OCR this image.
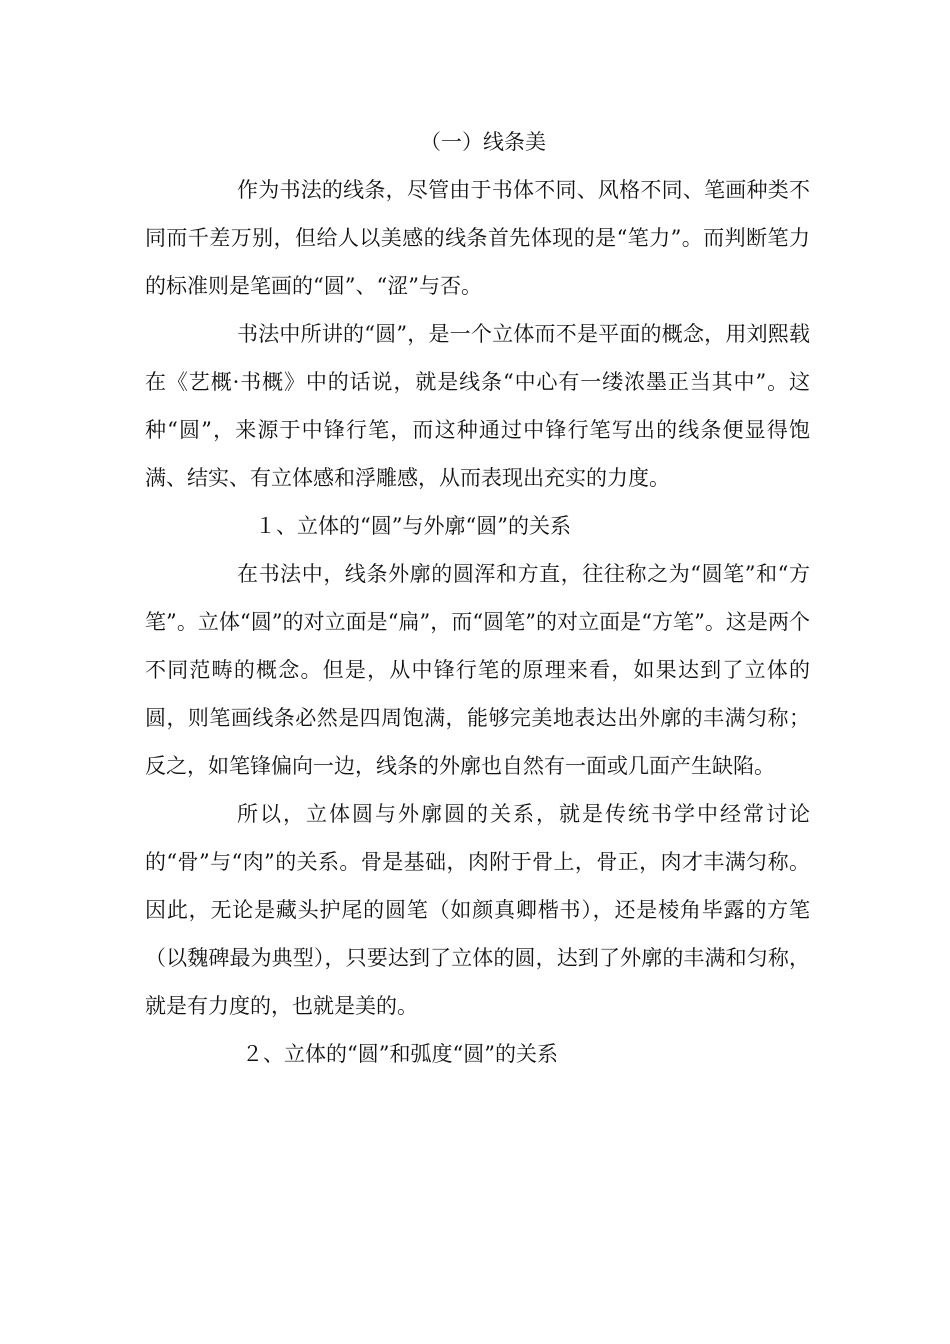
（一）线条美

作为书法的线条，尽管由于书体不同、风格不同、笔画种类不同而千差万别，但给人以美感的线条首先体现的是“笔力”。而判断笔力的标准则是笔画的“圆”、“涩”与否。

书法中所讲的“圆”，是一个立体而不是平面的概念，用刘熙载在《艺概·书概》中的话说，就是线条“中心有一缕浓墨正当其中”。这种“圆”，来源于中锋行笔，而这种通过中锋行笔写出的线条便显得饱满、结实、有立体感和浮雕感，从而表现出充实的力度。

１、立体的“圆”与外廓“圆”的关系

在书法中，线条外廓的圆浑和方直，往往称之为“圆笔”和“方笔”。立体“圆”的对立面是“扁”，而“圆笔”的对立面是“方笔”。这是两个不同范畴的概念。但是，从中锋行笔的原理来看，如果达到了立体的圆，则笔画线条必然是四周饱满，能够完美地表达出外廓的丰满匀称；反之，如笔锋偏向一边，线条的外廓也自然有一面或几面产生缺陷。

所以，立体圆与外廓圆的关系，就是传统书学中经常讨论的“骨”与“肉”的关系。骨是基础，肉附于骨上，骨正，肉才丰满匀称。因此，无论是藏头护尾的圆笔（如颜真卿楷书），还是棱角毕露的方笔（以魏碑最为典型），只要达到了立体的圆，达到了外廓的丰满和匀称，就是有力度的，也就是美的。

２、立体的“圆”和弧度“圆”的关系
